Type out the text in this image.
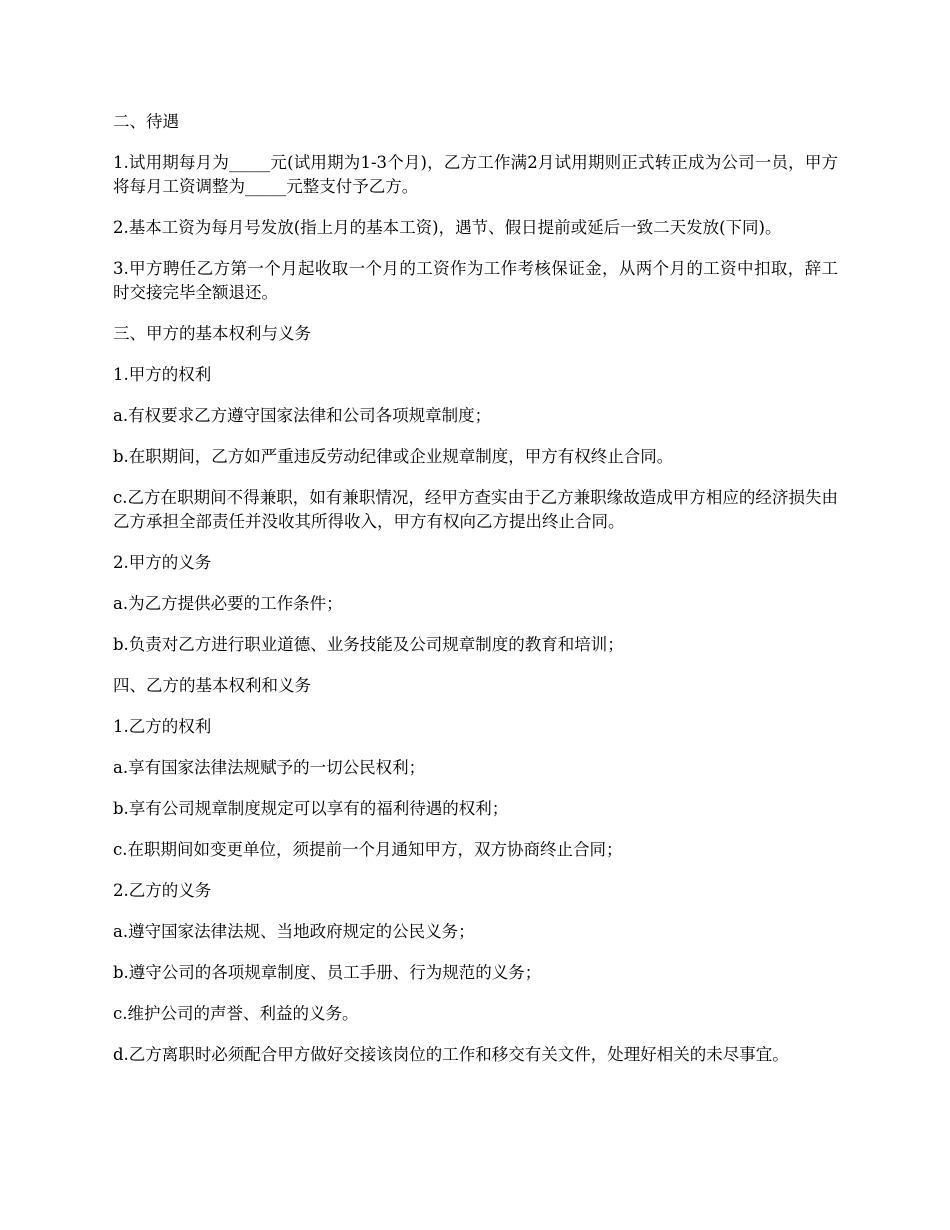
二、待遇

1.试用期每月为_____元(试用期为1-3个月)，乙方工作满2月试用期则正式转正成为公司一员，甲方将每月工资调整为_____元整支付予乙方。

2.基本工资为每月号发放(指上月的基本工资)，遇节、假日提前或延后一致二天发放(下同)。

3.甲方聘任乙方第一个月起收取一个月的工资作为工作考核保证金，从两个月的工资中扣取，辞工时交接完毕全额退还。

三、甲方的基本权利与义务

1.甲方的权利

a.有权要求乙方遵守国家法律和公司各项规章制度；

b.在职期间，乙方如严重违反劳动纪律或企业规章制度，甲方有权终止合同。

c.乙方在职期间不得兼职，如有兼职情况，经甲方查实由于乙方兼职缘故造成甲方相应的经济损失由乙方承担全部责任并没收其所得收入，甲方有权向乙方提出终止合同。

2.甲方的义务

a.为乙方提供必要的工作条件；

b.负责对乙方进行职业道德、业务技能及公司规章制度的教育和培训；

四、乙方的基本权利和义务

1.乙方的权利

a.享有国家法律法规赋予的一切公民权利；

b.享有公司规章制度规定可以享有的福利待遇的权利；

c.在职期间如变更单位，须提前一个月通知甲方，双方协商终止合同；

2.乙方的义务

a.遵守国家法律法规、当地政府规定的公民义务；

b.遵守公司的各项规章制度、员工手册、行为规范的义务；

c.维护公司的声誉、利益的义务。

d.乙方离职时必须配合甲方做好交接该岗位的工作和移交有关文件，处理好相关的未尽事宜。
